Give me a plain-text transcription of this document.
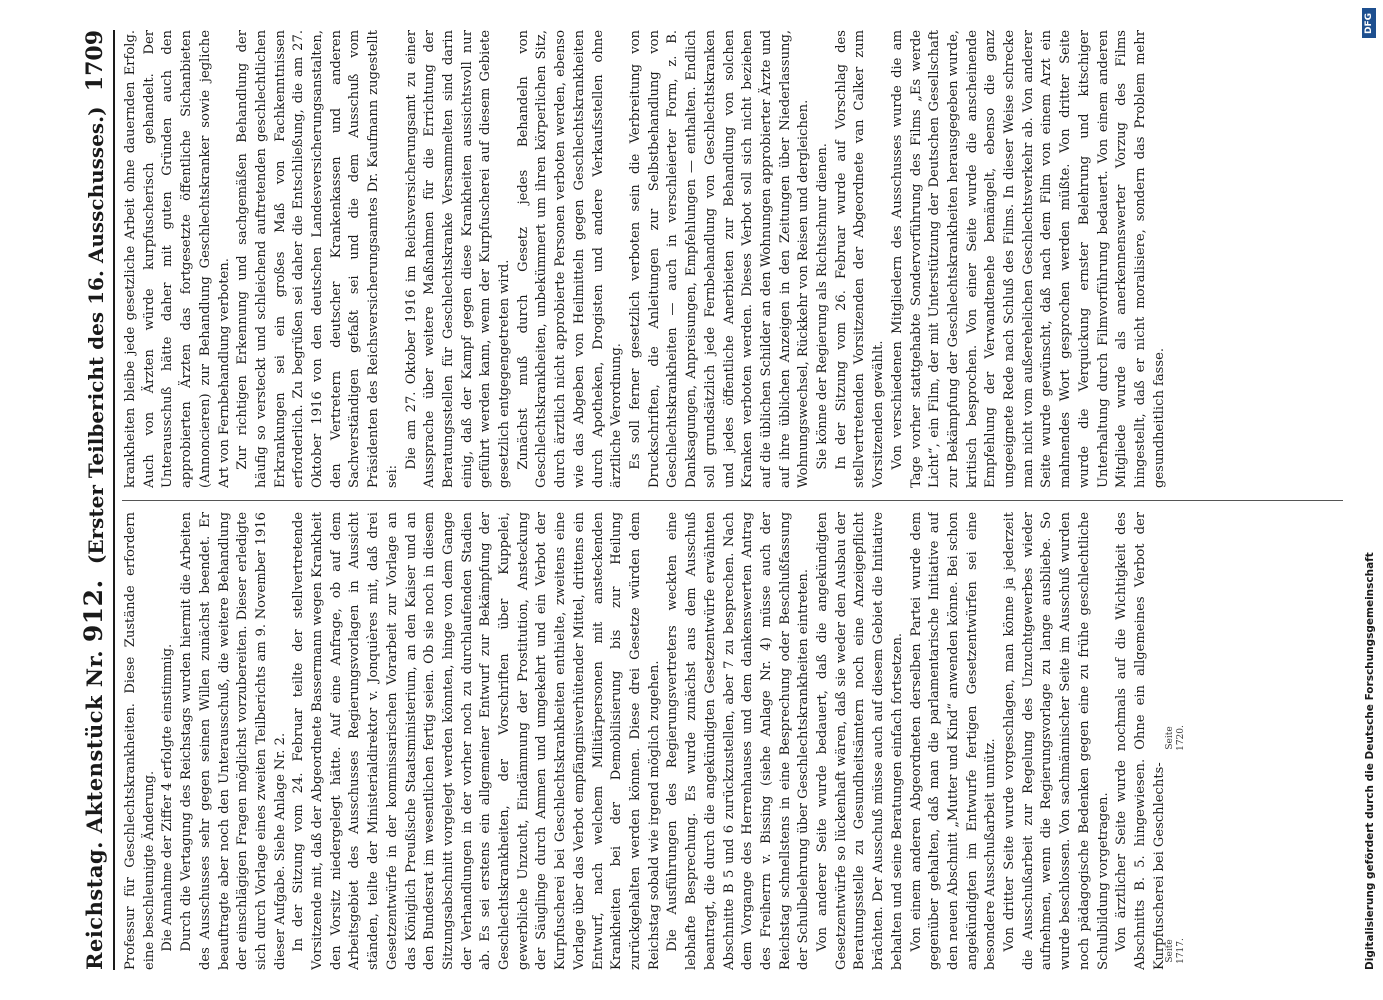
Reichstag. Aktenstück Nr. 912.
(Erster Teilbericht des 16. Ausschusses.)
1709

Professur für Geschlechtskrankheiten. Diese Zustände erfordern eine beschleunigte Änderung. Die Annahme der Ziffer 4 erfolgte einstimmig. Durch die Vertagung des Reichstags wurden hiermit die Arbeiten des Ausschusses sehr gegen seinen Willen zunächst beendet. Er beauftragte aber noch den Unterausschuß, die weitere Behandlung der einschlägigen Fragen möglichst vorzubereiten. Dieser erledigte sich durch Vorlage eines zweiten Teilberichts am 9. November 1916 dieser Aufgabe. Siehe Anlage Nr. 2. In der Sitzung vom 24. Februar teilte der stellvertretende Vorsitzende mit, daß der Abgeordnete Bassermann wegen Krankheit den Vorsitz niedergelegt hätte. Auf eine Anfrage, ob auf dem Arbeitsgebiet des Ausschusses Regierungsvorlagen in Aussicht ständen, teilte der Ministerialdirektor v. Jonquières mit, daß drei Gesetzentwürfe in der kommissarischen Vorarbeit zur Vorlage an das Königlich Preußische Staatsministerium, an den Kaiser und an den Bundesrat im wesentlichen fertig seien. Ob sie noch in diesem Sitzungsabschnitt vorgelegt werden könnten, hinge von dem Gange der Verhandlungen in der vorher noch zu durchlaufenden Stadien ab. Es sei erstens ein allgemeiner Entwurf zur Bekämpfung der Geschlechtskrankheiten, der Vorschriften über Kuppelei, gewerbliche Unzucht, Eindämmung der Prostitution, Ansteckung der Säuglinge durch Ammen und umgekehrt und ein Verbot der Kurpfuscherei bei Geschlechtskrankheiten enthielte, zweitens eine Vorlage über das Verbot empfängnisverhütender Mittel, drittens ein Entwurf, nach welchem Militärpersonen mit ansteckenden Krankheiten bei der Demobilisierung bis zur Heilung zurückgehalten werden können. Diese drei Gesetze würden dem Reichstag sobald wie irgend möglich zugehen. Die Ausführungen des Regierungsvertreters weckten eine lebhafte Besprechung. Es wurde zunächst aus dem Ausschuß beantragt, die durch die angekündigten Gesetzentwürfe erwähnten Abschnitte B 5 und 6 zurückzustellen, aber 7 zu besprechen. Nach dem Vorgange des Herrenhauses und dem dankenswerten Antrag des Freiherrn v. Bissing (siehe Anlage Nr. 4) müsse auch der Reichstag schnellstens in eine Besprechung oder Beschlußfassung der Schulbelehrung über Geschlechtskrankheiten eintreten. Von anderer Seite wurde bedauert, daß die angekündigten Gesetzentwürfe so lückenhaft wären, daß sie weder den Ausbau der Beratungsstelle zu Gesundheitsämtern noch eine Anzeigepflicht brächten. Der Ausschuß müsse auch auf diesem Gebiet die Initiative behalten und seine Beratungen einfach fortsetzen. Von einem anderen Abgeordneten derselben Partei wurde dem gegenüber gehalten, daß man die parlamentarische Initiative auf den neuen Abschnitt „Mutter und Kind“ anwenden könne. Bei schon angekündigten im Entwurfe fertigen Gesetzentwürfen sei eine besondere Ausschußarbeit unnütz. Von dritter Seite wurde vorgeschlagen, man könne ja jederzeit die Ausschußarbeit zur Regelung des Unzuchtgewerbes wieder aufnehmen, wenn die Regierungsvorlage zu lange ausbliebe. So wurde beschlossen. Von sachmännischer Seite im Ausschuß wurden noch pädagogische Bedenken gegen eine zu frühe geschlechtliche Schulbildung vorgetragen. Von ärztlicher Seite wurde nochmals auf die Wichtigkeit des Abschnitts B. 5. hingewiesen. Ohne ein allgemeines Verbot der Kurpfuscherei bei Geschlechts-

krankheiten bleibe jede gesetzliche Arbeit ohne dauernden Erfolg. Auch von Ärzten würde kurpfuscherisch gehandelt. Der Unterausschuß hätte daher mit guten Gründen auch den approbierten Ärzten das fortgesetzte öffentliche Sichanbieten (Annoncieren) zur Behandlung Geschlechtskranker sowie jegliche Art von Fernbehandlung verboten. Zur richtigen Erkennung und sachgemäßen Behandlung der häufig so versteckt und schleichend auftretenden geschlechtlichen Erkrankungen sei ein großes Maß von Fachkenntnissen erforderlich. Zu begrüßen sei daher die Entschließung, die am 27. Oktober 1916 von den deutschen Landesversicherungsanstalten, den Vertretern deutscher Krankenkassen und anderen Sachverständigen gefaßt sei und die dem Ausschuß vom Präsidenten des Reichsversicherungsamtes Dr. Kaufmann zugestellt sei:

Die am 27. Oktober 1916 im Reichsversicherungsamt zu einer Aussprache über weitere Maßnahmen für die Errichtung der Beratungsstellen für Geschlechtskranke Versammelten sind darin einig, daß der Kampf gegen diese Krankheiten aussichtsvoll nur geführt werden kann, wenn der Kurpfuscherei auf diesem Gebiete gesetzlich entgegengetreten wird. Zunächst muß durch Gesetz jedes Behandeln von Geschlechtskrankheiten, unbekümmert um ihren körperlichen Sitz, durch ärztlich nicht approbierte Personen verboten werden, ebenso wie das Abgeben von Heilmitteln gegen Geschlechtskrankheiten durch Apotheken, Drogisten und andere Verkaufsstellen ohne ärztliche Verordnung. Es soll ferner gesetzlich verboten sein die Verbreitung von Druckschriften, die Anleitungen zur Selbstbehandlung von Geschlechtskrankheiten — auch in verschleierter Form, z. B. Danksagungen, Anpreisungen, Empfehlungen — enthalten. Endlich soll grundsätzlich jede Fernbehandlung von Geschlechtskranken und jedes öffentliche Anerbieten zur Behandlung von solchen Kranken verboten werden. Dieses Verbot soll sich nicht beziehen auf die üblichen Schilder an den Wohnungen approbierter Ärzte und auf ihre üblichen Anzeigen in den Zeitungen über Niederlassung, Wohnungswechsel, Rückkehr von Reisen und dergleichen. Sie könne der Regierung als Richtschnur dienen. In der Sitzung vom 26. Februar wurde auf Vorschlag des stellvertretenden Vorsitzenden der Abgeordnete van Calker zum Vorsitzenden gewählt. Von verschiedenen Mitgliedern des Ausschusses wurde die am Tage vorher stattgehabte Sondervorführung des Films „Es werde Licht“, ein Film, der mit Unterstützung der Deutschen Gesellschaft zur Bekämpfung der Geschlechtskrankheiten herausgegeben wurde, kritisch besprochen. Von einer Seite wurde die anscheinende Empfehlung der Verwandtenehe bemängelt, ebenso die ganz ungeeignete Rede nach Schluß des Films. In dieser Weise schrecke man nicht vom außerehelichen Geschlechtsverkehr ab. Von anderer Seite wurde gewünscht, daß nach dem Film von einem Arzt ein mahnendes Wort gesprochen werden müßte. Von dritter Seite wurde die Verquickung ernster Belehrung und kitschiger Unterhaltung durch Filmvorführung bedauert. Von einem anderen Mitgliede wurde als anerkennenswerter Vorzug des Films hingestellt, daß er nicht moralisiere, sondern das Problem mehr gesundheitlich fasse.

Seite 1717.
Seite 1720.
DFG
Digitalisierung gefördert durch die Deutsche Forschungsgemeinschaft
